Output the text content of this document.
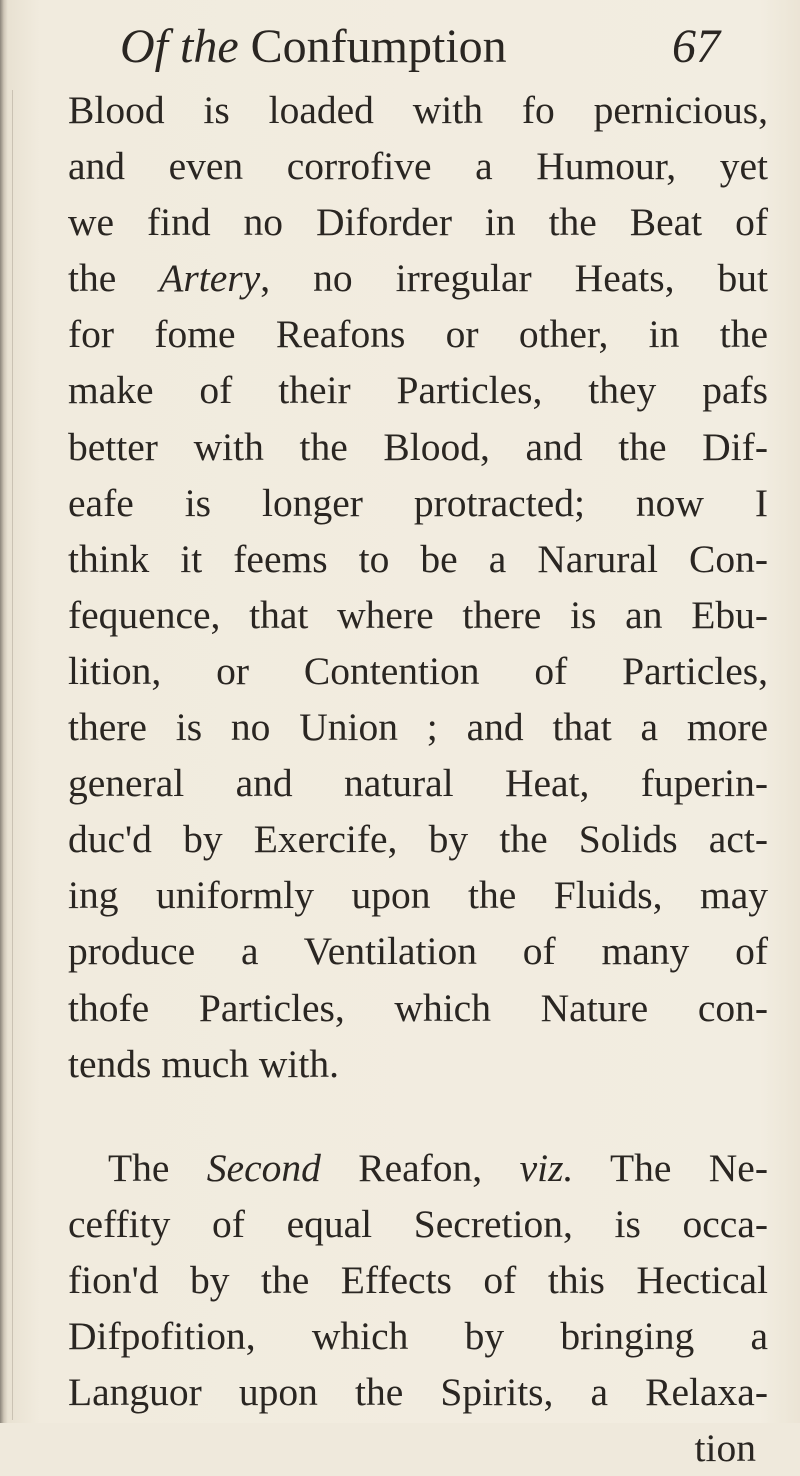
Of the Confumption	67
Blood is loaded with fo pernicious,
and even corrofive a Humour, yet
we find no Diforder in the Beat of
the Artery, no irregular Heats, but
for fome Reafons or other, in the
make of their Particles, they pafs
better with the Blood, and the Dif-
eafe is longer protracted; now I
think it feems to be a Narural Con-
fequence, that where there is an Ebu-
lition, or Contention of Particles,
there is no Union ; and that a more
general and natural Heat, fuperin-
duc'd by Exercife, by the Solids act-
ing uniformly upon the Fluids, may
produce a Ventilation of many of
thofe Particles, which Nature con-
tends much with.
The Second Reafon, viz. The Ne-
ceffity of equal Secretion, is occa-
fion'd by the Effects of this Hectical
Difpofition, which by bringing a
Languor upon the Spirits, a Relaxa-
tion
